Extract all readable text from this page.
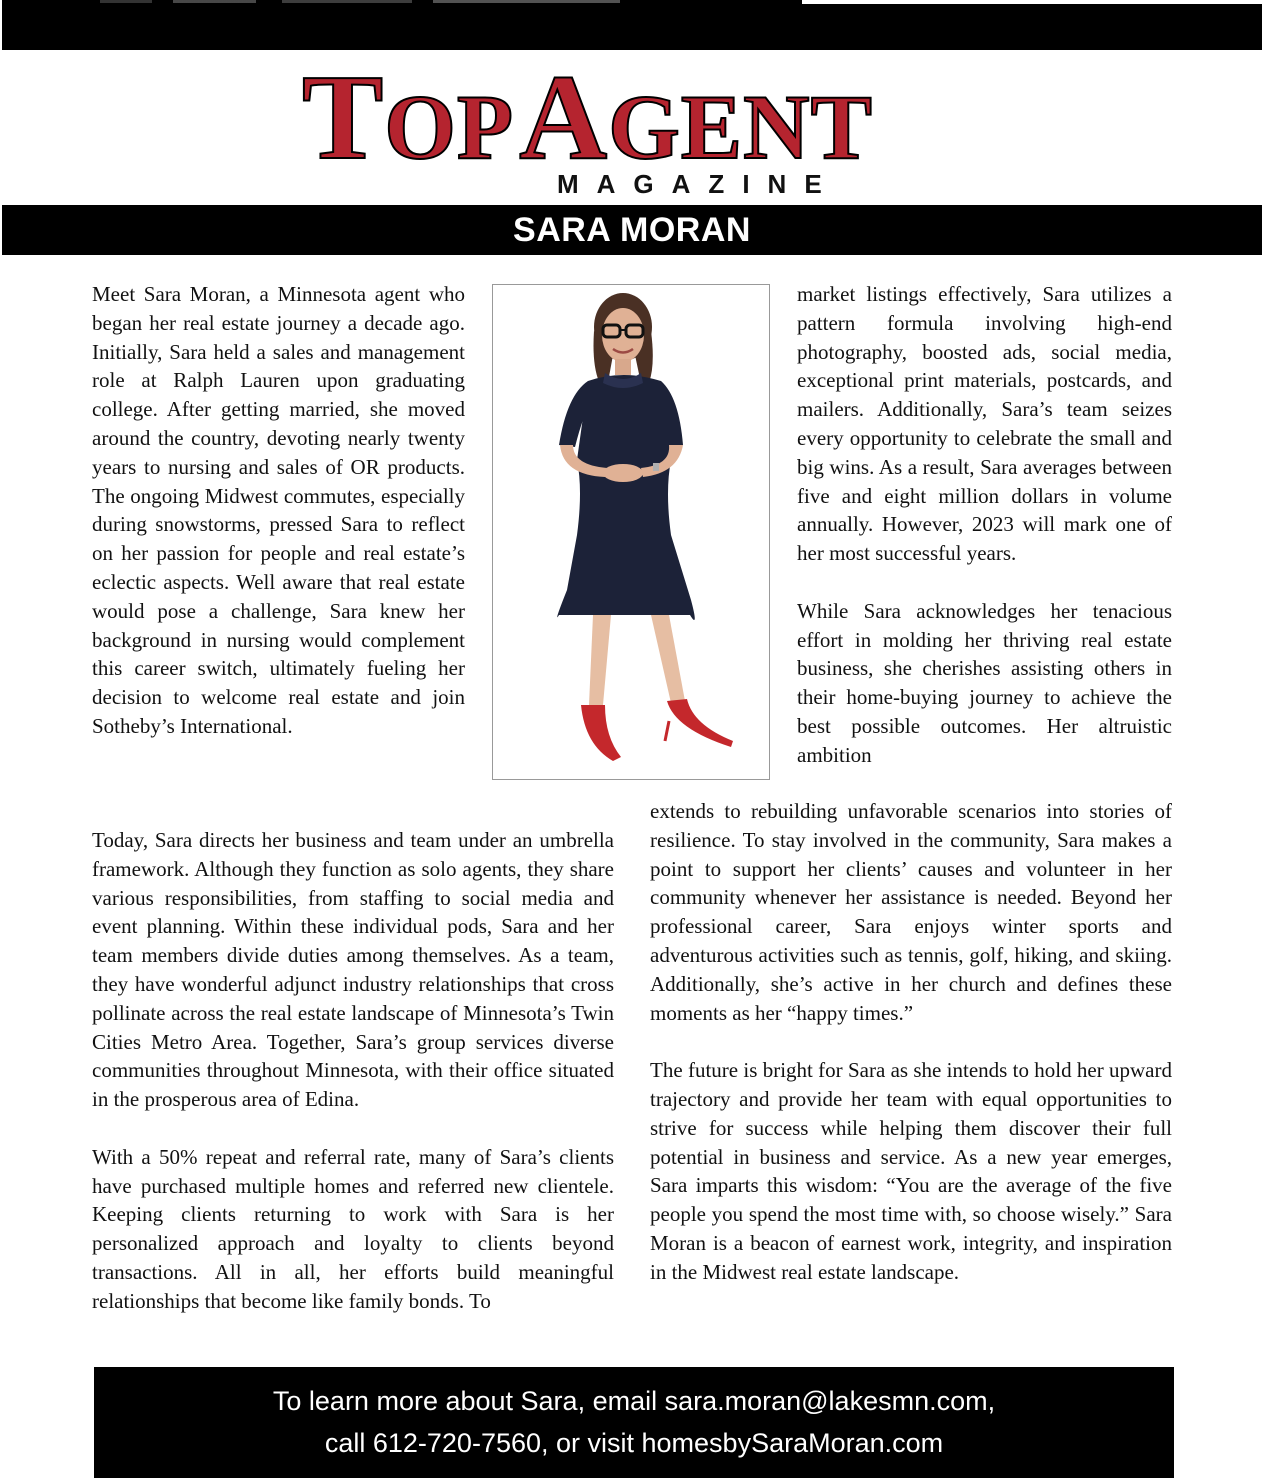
TOP AGENT
MAGAZINE
SARA MORAN

Meet Sara Moran, a Minnesota agent who began her real estate journey a decade ago. Initially, Sara held a sales and management role at Ralph Lauren upon graduating college. After getting married, she moved around the country, devoting nearly twenty years to nursing and sales of OR products. The ongoing Midwest commutes, especially during snowstorms, pressed Sara to reflect on her passion for people and real estate’s eclectic aspects. Well aware that real estate would pose a challenge, Sara knew her background in nursing would complement this career switch, ultimately fueling her decision to welcome real estate and join Sotheby’s International.

market listings effectively, Sara utilizes a pattern formula involving high-end photography, boosted ads, social media, exceptional print materials, postcards, and mailers. Additionally, Sara’s team seizes every opportunity to celebrate the small and big wins. As a result, Sara averages between five and eight million dollars in volume annually. However, 2023 will mark one of her most successful years.

While Sara acknowledges her tenacious effort in molding her thriving real estate business, she cherishes assisting others in their home-buying journey to achieve the best possible outcomes. Her altruistic ambition

Today, Sara directs her business and team under an umbrella framework. Although they function as solo agents, they share various responsibilities, from staffing to social media and event planning. Within these individual pods, Sara and her team members divide duties among themselves. As a team, they have wonderful adjunct industry relationships that cross pollinate across the real estate landscape of Minnesota’s Twin Cities Metro Area. Together, Sara’s group services diverse communities throughout Minnesota, with their office situated in the prosperous area of Edina.

With a 50% repeat and referral rate, many of Sara’s clients have purchased multiple homes and referred new clientele. Keeping clients returning to work with Sara is her personalized approach and loyalty to clients beyond transactions. All in all, her efforts build meaningful relationships that become like family bonds. To

extends to rebuilding unfavorable scenarios into stories of resilience. To stay involved in the community, Sara makes a point to support her clients’ causes and volunteer in her community whenever her assistance is needed. Beyond her professional career, Sara enjoys winter sports and adventurous activities such as tennis, golf, hiking, and skiing. Additionally, she’s active in her church and defines these moments as her “happy times.”

The future is bright for Sara as she intends to hold her upward trajectory and provide her team with equal opportunities to strive for success while helping them discover their full potential in business and service. As a new year emerges, Sara imparts this wisdom: “You are the average of the five people you spend the most time with, so choose wisely.” Sara Moran is a beacon of earnest work, integrity, and inspiration in the Midwest real estate landscape.

To learn more about Sara, email sara.moran@lakesmn.com,
call 612-720-7560, or visit homesbySaraMoran.com
